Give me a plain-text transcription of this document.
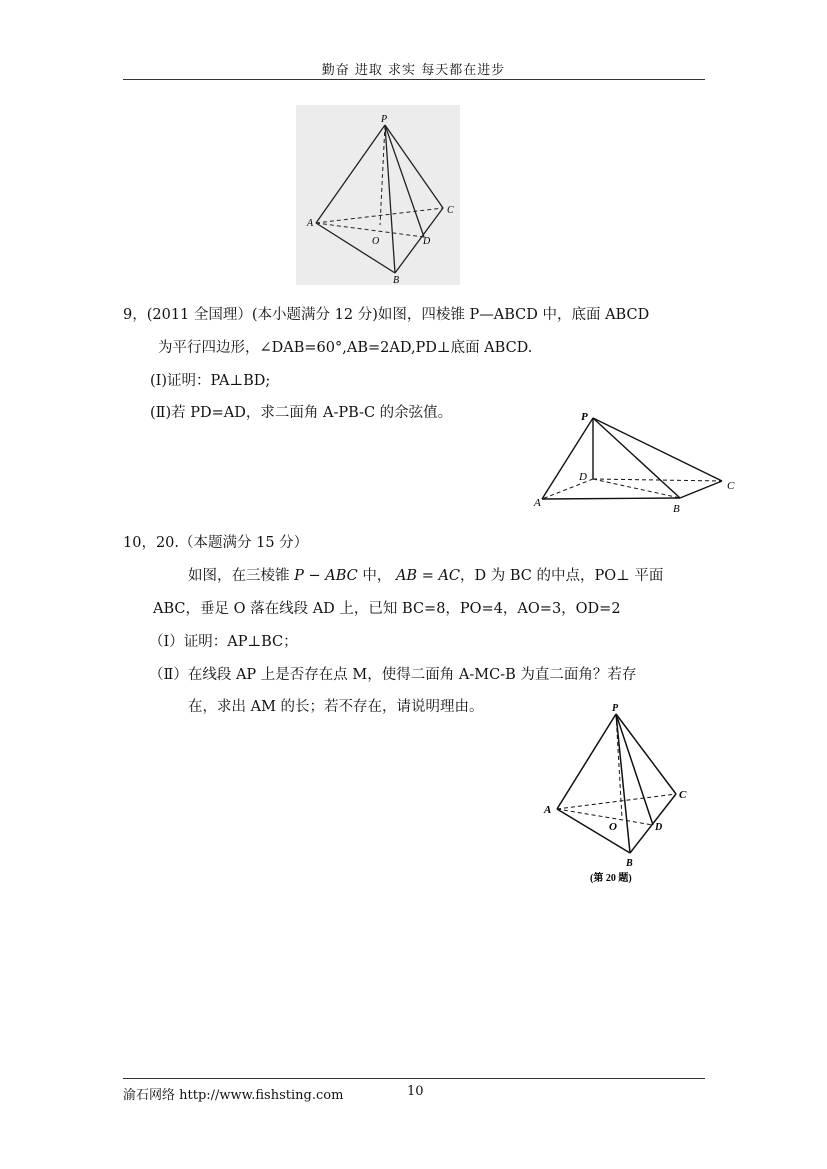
勤奋 进取 求实 每天都在进步
P
A
C
O	D
B
9，(2011 全国理）(本小题满分 12 分)如图，四棱锥 P—ABCD 中，底面 ABCD
为平行四边形，∠DAB=60°,AB=2AD,PD⊥底面 ABCD.
(Ⅰ)证明：PA⊥BD;
(Ⅱ)若 PD=AD，求二面角 A-PB-C 的余弦值。	P
D
A	B
C
10，20.（本题满分 15 分）
如图，在三棱锥 P − ABC 中， AB = AC，D 为 BC 的中点，PO⊥ 平面
ABC，垂足 O 落在线段 AD 上，已知 BC=8，PO=4，AO=3，OD=2
（Ⅰ）证明：AP⊥BC；
（Ⅱ）在线段 AP 上是否存在点 M，使得二面角 A-MC-B 为直二面角？若存
在，求出 AM 的长；若不存在，请说明理由。	P
A
C
O	D
B
(第 20 题)
渝石网络 http://www.fishsting.com	10
